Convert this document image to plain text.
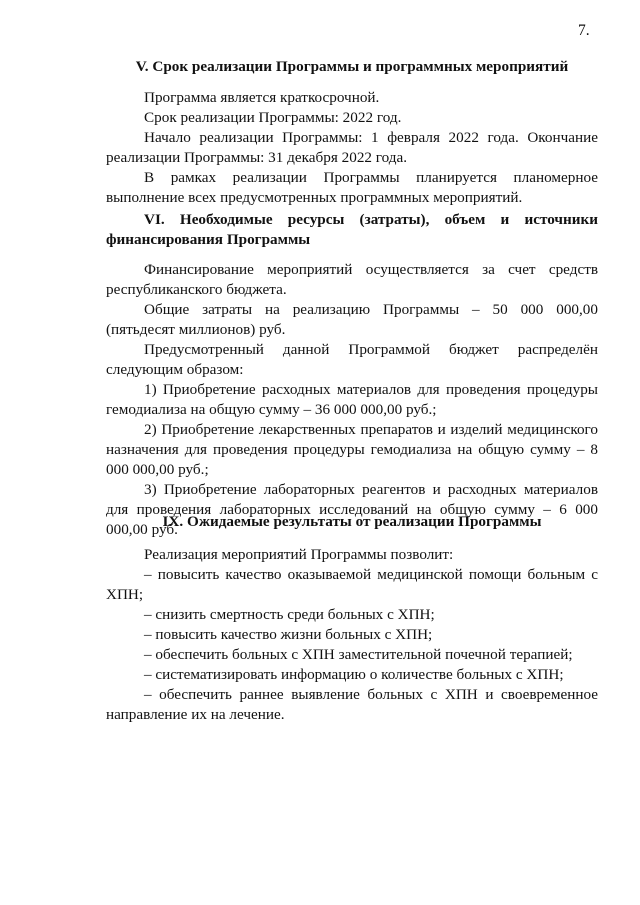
7.

V. Срок реализации Программы и программных мероприятий

Программа является краткосрочной.

Срок реализации Программы: 2022 год.

Начало реализации Программы: 1 февраля 2022 года. Окончание реализации Программы: 31 декабря 2022 года.

В рамках реализации Программы планируется планомерное выполнение всех предусмотренных программных мероприятий.

VI. Необходимые ресурсы (затраты), объем и источники финансирования Программы

Финансирование мероприятий осуществляется за счет средств республиканского бюджета.

Общие затраты на реализацию Программы – 50 000 000,00 (пятьдесят миллионов) руб.

Предусмотренный данной Программой бюджет распределён следующим образом:

1) Приобретение расходных материалов для проведения процедуры гемодиализа на общую сумму – 36 000 000,00 руб.;

2) Приобретение лекарственных препаратов и изделий медицинского назначения для проведения процедуры гемодиализа на общую сумму – 8 000 000,00 руб.;

3) Приобретение лабораторных реагентов и расходных материалов для проведения лабораторных исследований на общую сумму – 6 000 000,00 руб.

IX. Ожидаемые результаты от реализации Программы

Реализация мероприятий Программы позволит:

– повысить качество оказываемой медицинской помощи больным с ХПН;

– снизить смертность среди больных с ХПН;

– повысить качество жизни больных с ХПН;

– обеспечить больных с ХПН заместительной почечной терапией;

– систематизировать информацию о количестве больных с ХПН;

– обеспечить раннее выявление больных с ХПН и своевременное направление их на лечение.
